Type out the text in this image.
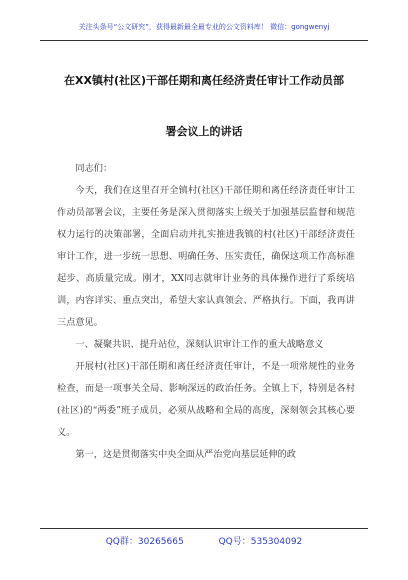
关注头条号“公文研究”，获得最新最全最专业的公文资料库！ 微信：gongwenyj
在XX镇村(社区)干部任期和离任经济责任审计工作动员部
署会议上的讲话

同志们：

今天，我们在这里召开全镇村(社区)干部任期和离任经济责任审计工作动员部署会议，主要任务是深入贯彻落实上级关于加强基层监督和规范权力运行的决策部署，全面启动并扎实推进我镇的村(社区)干部经济责任审计工作，进一步统一思想、明确任务、压实责任，确保这项工作高标准起步、高质量完成。刚才，XX同志就审计业务的具体操作进行了系统培训，内容详实、重点突出，希望大家认真领会、严格执行。下面，我再讲三点意见。

一、凝聚共识、提升站位，深刻认识审计工作的重大战略意义

开展村(社区)干部任期和离任经济责任审计，不是一项常规性的业务检查，而是一项事关全局、影响深远的政治任务。全镇上下，特别是各村(社区)的“两委”班子成员，必须从战略和全局的高度，深刻领会其核心要义。

第一，这是贯彻落实中央全面从严治党向基层延伸的政

QQ群：30265665	QQ号：535304092
